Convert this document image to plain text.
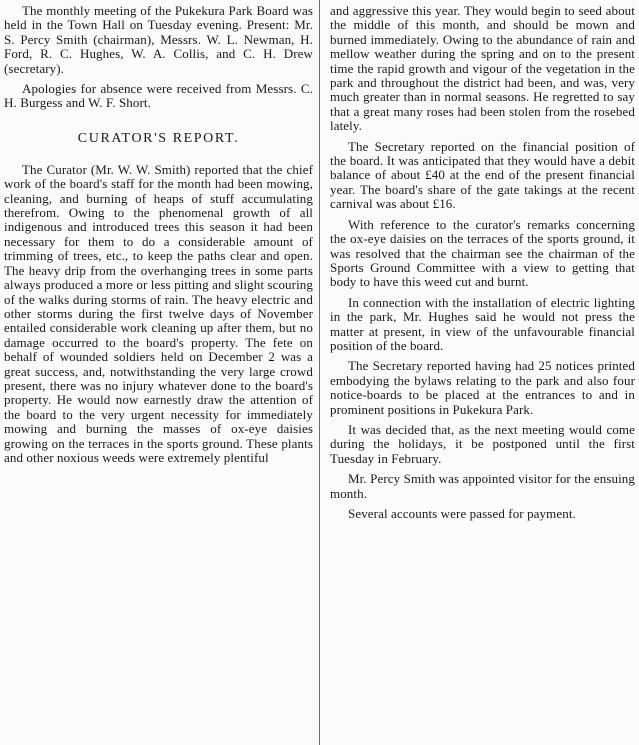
The monthly meeting of the Pukekura Park Board was held in the Town Hall on Tuesday evening. Present: Mr. S. Percy Smith (chairman), Messrs. W. L. Newman, H. Ford, R. C. Hughes, W. A. Collis, and C. H. Drew (secretary).

Apologies for absence were received from Messrs. C. H. Burgess and W. F. Short.

CURATOR'S REPORT.

The Curator (Mr. W. W. Smith) reported that the chief work of the board's staff for the month had been mowing, cleaning, and burning of heaps of stuff accumulating therefrom. Owing to the phenomenal growth of all indigenous and introduced trees this season it had been necessary for them to do a considerable amount of trimming of trees, etc., to keep the paths clear and open. The heavy drip from the overhanging trees in some parts always produced a more or less pitting and slight scouring of the walks during storms of rain. The heavy electric and other storms during the first twelve days of November entailed considerable work cleaning up after them, but no damage occurred to the board's property. The fete on behalf of wounded soldiers held on December 2 was a great success, and, notwithstanding the very large crowd present, there was no injury whatever done to the board's property. He would now earnestly draw the attention of the board to the very urgent necessity for immediately mowing and burning the masses of ox-eye daisies growing on the terraces in the sports ground. These plants and other noxious weeds were extremely plentiful

and aggressive this year. They would begin to seed about the middle of this month, and should be mown and burned immediately. Owing to the abundance of rain and mellow weather during the spring and on to the present time the rapid growth and vigour of the vegetation in the park and throughout the district had been, and was, very much greater than in normal seasons. He regretted to say that a great many roses had been stolen from the rosebed lately.

The Secretary reported on the financial position of the board. It was anticipated that they would have a debit balance of about £40 at the end of the present financial year. The board's share of the gate takings at the recent carnival was about £16.

With reference to the curator's remarks concerning the ox-eye daisies on the terraces of the sports ground, it was resolved that the chairman see the chairman of the Sports Ground Committee with a view to getting that body to have this weed cut and burnt.

In connection with the installation of electric lighting in the park, Mr. Hughes said he would not press the matter at present, in view of the unfavourable financial position of the board.

The Secretary reported having had 25 notices printed embodying the bylaws relating to the park and also four notice-boards to be placed at the entrances to and in prominent positions in Pukekura Park.

It was decided that, as the next meeting would come during the holidays, it be postponed until the first Tuesday in February.

Mr. Percy Smith was appointed visitor for the ensuing month.

Several accounts were passed for payment.
